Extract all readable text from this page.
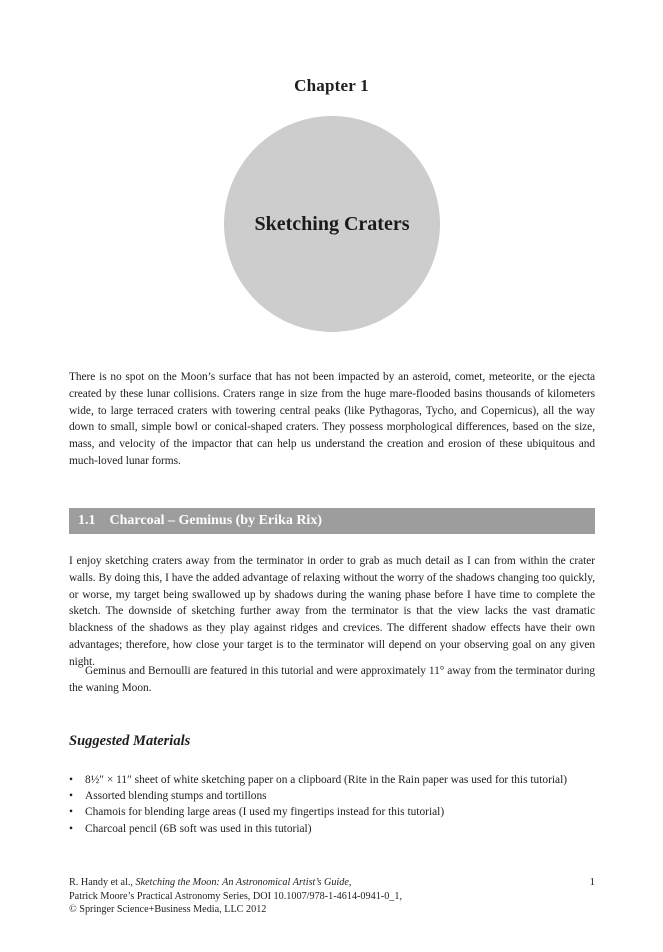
Chapter 1
Sketching Craters

There is no spot on the Moon’s surface that has not been impacted by an asteroid, comet, meteorite, or the ejecta created by these lunar collisions. Craters range in size from the huge mare-flooded basins thousands of kilometers wide, to large terraced craters with towering central peaks (like Pythagoras, Tycho, and Copernicus), all the way down to small, simple bowl or conical-shaped craters. They possess morphological differences, based on the size, mass, and velocity of the impactor that can help us understand the creation and erosion of these ubiquitous and much-loved lunar forms.

1.1 Charcoal – Geminus (by Erika Rix)

I enjoy sketching craters away from the terminator in order to grab as much detail as I can from within the crater walls. By doing this, I have the added advantage of relaxing without the worry of the shadows changing too quickly, or worse, my target being swallowed up by shadows during the waning phase before I have time to complete the sketch. The downside of sketching further away from the terminator is that the view lacks the vast dramatic blackness of the shadows as they play against ridges and crevices. The different shadow effects have their own advantages; therefore, how close your target is to the terminator will depend on your observing goal on any given night.

Geminus and Bernoulli are featured in this tutorial and were approximately 11° away from the terminator during the waning Moon.

Suggested Materials
• 8½″ × 11″ sheet of white sketching paper on a clipboard (Rite in the Rain paper was used for this tutorial)
• Assorted blending stumps and tortillons
• Chamois for blending large areas (I used my fingertips instead for this tutorial)
• Charcoal pencil (6B soft was used in this tutorial)
R. Handy et al., Sketching the Moon: An Astronomical Artist’s Guide,
Patrick Moore’s Practical Astronomy Series, DOI 10.1007/978-1-4614-0941-0_1,
© Springer Science+Business Media, LLC 2012
1
